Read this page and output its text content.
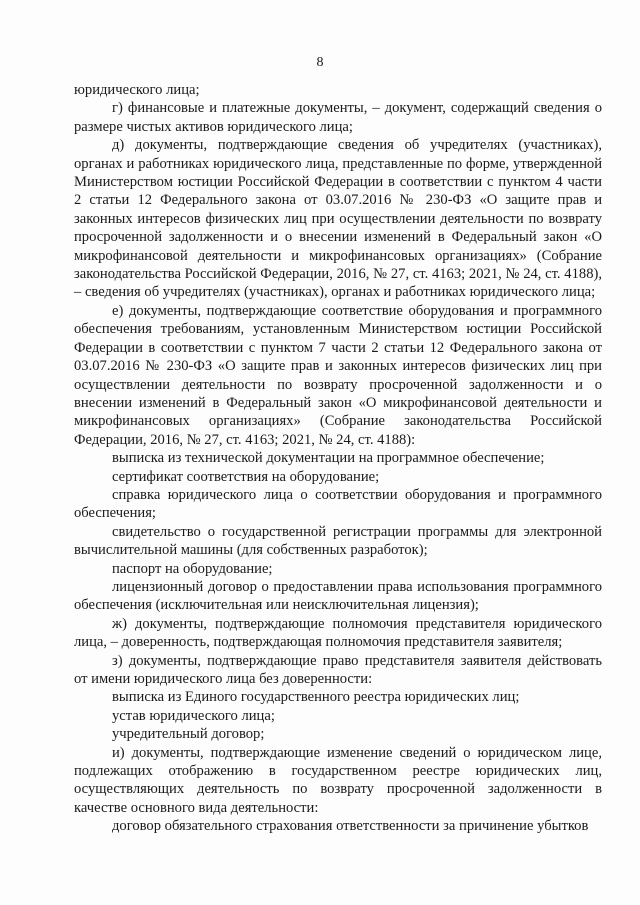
8

юридического лица;

г) финансовые и платежные документы, – документ, содержащий сведения о размере чистых активов юридического лица;

д) документы, подтверждающие сведения об учредителях (участниках), органах и работниках юридического лица, представленные по форме, утвержденной Министерством юстиции Российской Федерации в соответствии с пунктом 4 части 2 статьи 12 Федерального закона от 03.07.2016 № 230-ФЗ «О защите прав и законных интересов физических лиц при осуществлении деятельности по возврату просроченной задолженности и о внесении изменений в Федеральный закон «О микрофинансовой деятельности и микрофинансовых организациях» (Собрание законодательства Российской Федерации, 2016, № 27, ст. 4163; 2021, № 24, ст. 4188), – сведения об учредителях (участниках), органах и работниках юридического лица;

е) документы, подтверждающие соответствие оборудования и программного обеспечения требованиям, установленным Министерством юстиции Российской Федерации в соответствии с пунктом 7 части 2 статьи 12 Федерального закона от 03.07.2016 № 230-ФЗ «О защите прав и законных интересов физических лиц при осуществлении деятельности по возврату просроченной задолженности и о внесении изменений в Федеральный закон «О микрофинансовой деятельности и микрофинансовых организациях» (Собрание законодательства Российской Федерации, 2016, № 27, ст. 4163; 2021, № 24, ст. 4188):

выписка из технической документации на программное обеспечение;

сертификат соответствия на оборудование;

справка юридического лица о соответствии оборудования и программного обеспечения;

свидетельство о государственной регистрации программы для электронной вычислительной машины (для собственных разработок);

паспорт на оборудование;

лицензионный договор о предоставлении права использования программного обеспечения (исключительная или неисключительная лицензия);

ж) документы, подтверждающие полномочия представителя юридического лица, – доверенность, подтверждающая полномочия представителя заявителя;

з) документы, подтверждающие право представителя заявителя действовать от имени юридического лица без доверенности:

выписка из Единого государственного реестра юридических лиц;

устав юридического лица;

учредительный договор;

и) документы, подтверждающие изменение сведений о юридическом лице, подлежащих отображению в государственном реестре юридических лиц, осуществляющих деятельность по возврату просроченной задолженности в качестве основного вида деятельности:

договор обязательного страхования ответственности за причинение убытков
